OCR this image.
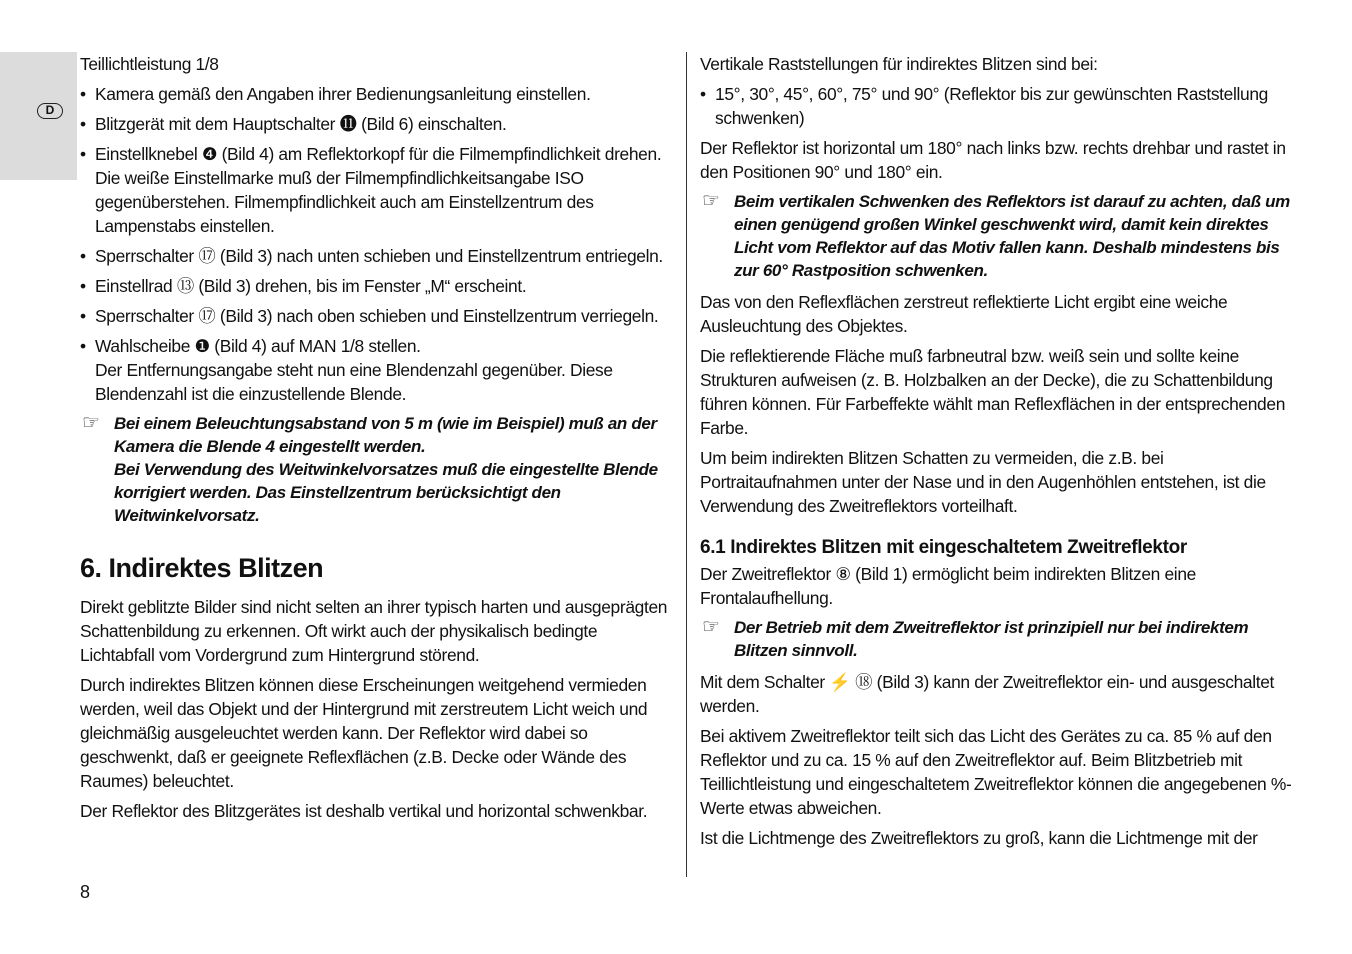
D

Teillichtleistung 1/8

• Kamera gemäß den Angaben ihrer Bedienungsanleitung einstellen.
• Blitzgerät mit dem Hauptschalter ⓫ (Bild 6) einschalten.
• Einstellknebel ❹ (Bild 4) am Reflektorkopf für die Filmempfindlichkeit drehen. Die weiße Einstellmarke muß der Filmempfindlichkeitsangabe ISO gegenüberstehen. Filmempfindlichkeit auch am Einstellzentrum des Lampenstabs einstellen.
• Sperrschalter ⑰ (Bild 3) nach unten schieben und Einstellzentrum entriegeln.
• Einstellrad ⑬ (Bild 3) drehen, bis im Fenster „M“ erscheint.
• Sperrschalter ⑰ (Bild 3) nach oben schieben und Einstellzentrum verriegeln.
• Wahlscheibe ❶ (Bild 4) auf MAN 1/8 stellen.
Der Entfernungsangabe steht nun eine Blendenzahl gegenüber. Diese Blendenzahl ist die einzustellende Blende.
☞ Bei einem Beleuchtungsabstand von 5 m (wie im Beispiel) muß an der Kamera die Blende 4 eingestellt werden.
Bei Verwendung des Weitwinkelvorsatzes muß die eingestellte Blende korrigiert werden. Das Einstellzentrum berücksichtigt den Weitwinkelvorsatz.
6. Indirektes Blitzen

Direkt geblitzte Bilder sind nicht selten an ihrer typisch harten und ausgeprägten Schattenbildung zu erkennen. Oft wirkt auch der physikalisch bedingte Lichtabfall vom Vordergrund zum Hintergrund störend.

Durch indirektes Blitzen können diese Erscheinungen weitgehend vermieden werden, weil das Objekt und der Hintergrund mit zerstreutem Licht weich und gleichmäßig ausgeleuchtet werden kann. Der Reflektor wird dabei so geschwenkt, daß er geeignete Reflexflächen (z.B. Decke oder Wände des Raumes) beleuchtet.

Der Reflektor des Blitzgerätes ist deshalb vertikal und horizontal schwenkbar.

Vertikale Raststellungen für indirektes Blitzen sind bei:

• 15°, 30°, 45°, 60°, 75° und 90° (Reflektor bis zur gewünschten Raststellung schwenken)

Der Reflektor ist horizontal um 180° nach links bzw. rechts drehbar und rastet in den Positionen 90° und 180° ein.

☞ Beim vertikalen Schwenken des Reflektors ist darauf zu achten, daß um einen genügend großen Winkel geschwenkt wird, damit kein direktes Licht vom Reflektor auf das Motiv fallen kann. Deshalb mindestens bis zur 60° Rastposition schwenken.

Das von den Reflexflächen zerstreut reflektierte Licht ergibt eine weiche Ausleuchtung des Objektes.

Die reflektierende Fläche muß farbneutral bzw. weiß sein und sollte keine Strukturen aufweisen (z. B. Holzbalken an der Decke), die zu Schattenbildung führen können. Für Farbeffekte wählt man Reflexflächen in der entsprechenden Farbe.

Um beim indirekten Blitzen Schatten zu vermeiden, die z.B. bei Portraitaufnahmen unter der Nase und in den Augenhöhlen entstehen, ist die Verwendung des Zweitreflektors vorteilhaft.

6.1 Indirektes Blitzen mit eingeschaltetem Zweitreflektor

Der Zweitreflektor ⑧ (Bild 1) ermöglicht beim indirekten Blitzen eine Frontalaufhellung.

☞ Der Betrieb mit dem Zweitreflektor ist prinzipiell nur bei indirektem Blitzen sinnvoll.

Mit dem Schalter ⚡ ⑱ (Bild 3) kann der Zweitreflektor ein- und ausgeschaltet werden.

Bei aktivem Zweitreflektor teilt sich das Licht des Gerätes zu ca. 85 % auf den Reflektor und zu ca. 15 % auf den Zweitreflektor auf. Beim Blitzbetrieb mit Teillichtleistung und eingeschaltetem Zweitreflektor können die angegebenen %-Werte etwas abweichen.

Ist die Lichtmenge des Zweitreflektors zu groß, kann die Lichtmenge mit der

8
